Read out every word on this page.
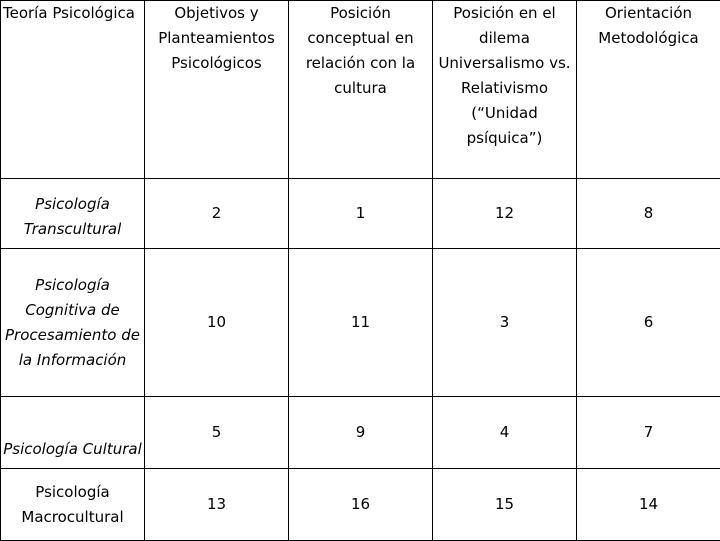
Teoría Psicológica	Objetivos y Planteamientos Psicológicos	Posición conceptual en relación con la cultura	Posición en el dilema Universalismo vs. Relativismo (“Unidad psíquica”)	Orientación Metodológica
Psicología Transcultural	2	1	12	8
Psicología Cognitiva de Procesamiento de la Información	10	11	3	6
Psicología Cultural	5	9	4	7
Psicología Macrocultural	13	16	15	14
